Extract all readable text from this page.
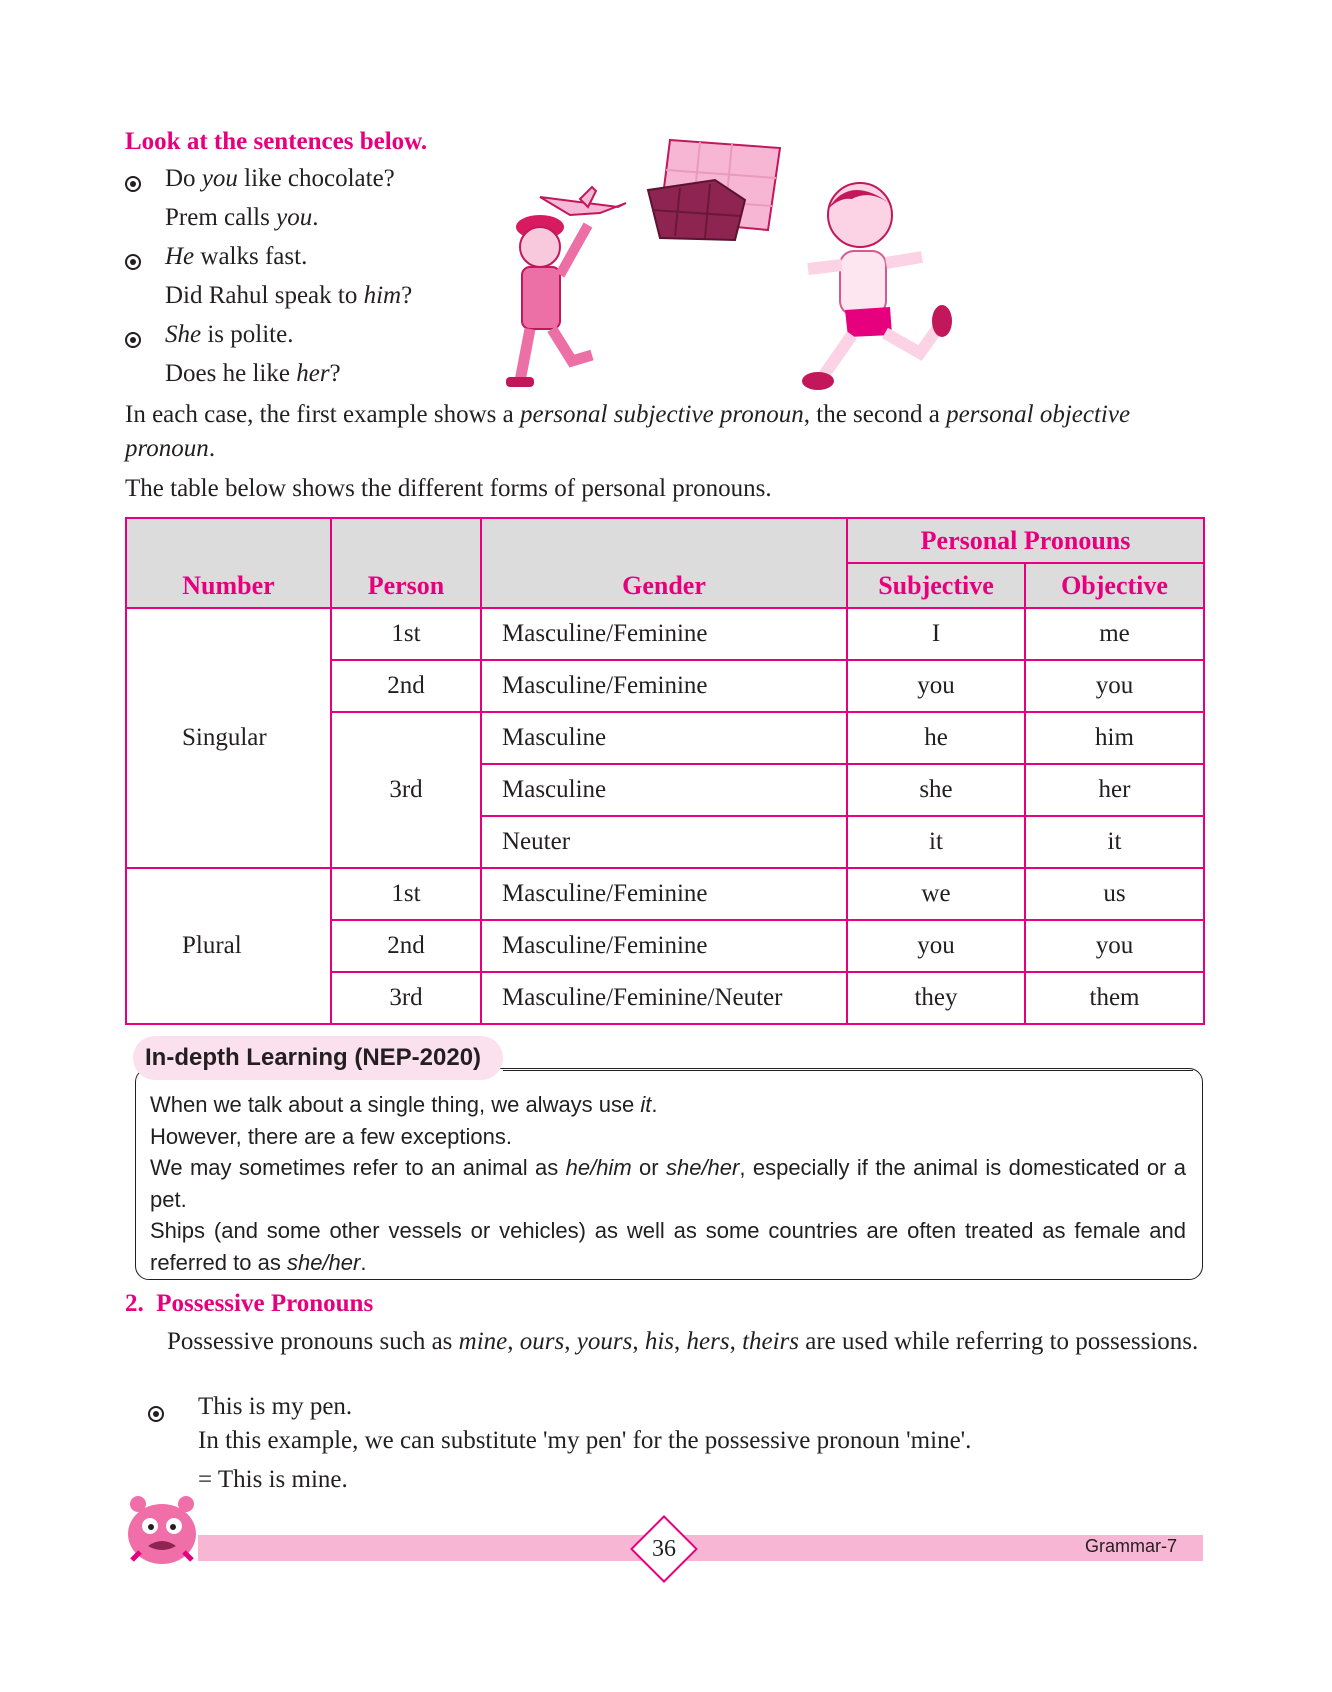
Look at the sentences below.
Do you like chocolate?
Prem calls you.
He walks fast.
Did Rahul speak to him?
She is polite.
Does he like her?
In each case, the first example shows a personal subjective pronoun, the second a personal objective pronoun.
The table below shows the different forms of personal pronouns.
Number	Person	Gender	Personal Pronouns	
			Subjective	Objective
Singular	1st	Masculine/Feminine	I	me
	2nd	Masculine/Feminine	you	you
	3rd	Masculine	he	him
		Masculine	she	her
		Neuter	it	it
Plural	1st	Masculine/Feminine	we	us
	2nd	Masculine/Feminine	you	you
	3rd	Masculine/Feminine/Neuter	they	them

When we talk about a single thing, we always use it.

However, there are a few exceptions.

We may sometimes refer to an animal as he/him or she/her, especially if the animal is domesticated or a pet.

Ships (and some other vessels or vehicles) as well as some countries are often treated as female and referred to as she/her.

In-depth Learning (NEP-2020)
2. Possessive Pronouns
Possessive pronouns such as mine, ours, yours, his, hers, theirs are used while referring to possessions.
This is my pen.
In this example, we can substitute 'my pen' for the possessive pronoun 'mine'.
= This is mine.
36	Grammar-7
